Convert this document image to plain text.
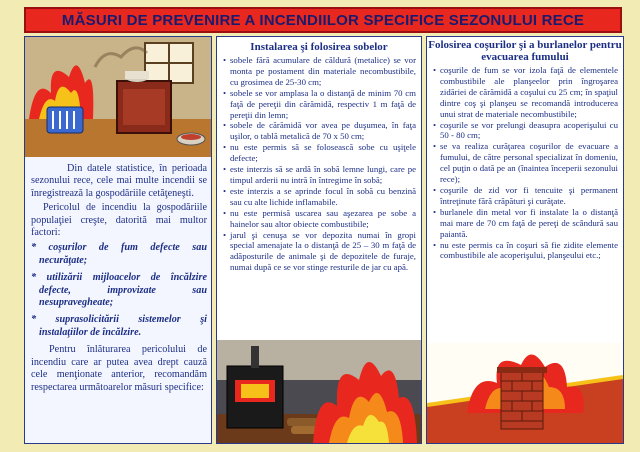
MĂSURI DE PREVENIRE A INCENDIILOR SPECIFICE SEZONULUI RECE

Din datele statistice, în perioada sezonului rece, cele mai multe incendii se înregistrează la gospodăriile cetăţeneşti.

Pericolul de incendiu la gospodăriile populaţiei creşte, datorită mai multor factori:

* coşurilor de fum defecte sau necurăţate;
* utilizării mijloacelor de încălzire defecte, improvizate sau nesupravegheate;
* suprasolicitării sistemelor şi instalaţiilor de încălzire.

Pentru înlăturarea pericolului de incendiu care ar putea avea drept cauză cele menţionate anterior, recomandăm respectarea următoarelor măsuri specifice:

Instalarea şi folosirea sobelor
• sobele fără acumulare de căldură (metalice) se vor monta pe postament din materiale necombustibile, cu grosimea de 25-30 cm;
• sobele se vor amplasa la o distanţă de minim 70 cm faţă de pereţii din cărămidă, respectiv 1 m faţă de pereţii din lemn;
• sobele de cărămidă vor avea pe duşumea, în faţa uşilor, o tablă metalică de 70 x 50 cm;
• nu este permis să se folosească sobe cu uşiţele defecte;
• este interzis să se ardă în sobă lemne lungi, care pe timpul arderii nu intră în întregime în sobă;
• este interzis a se aprinde focul în sobă cu benzină sau cu alte lichide inflamabile.
• nu este permisă uscarea sau aşezarea pe sobe a hainelor sau altor obiecte combustibile;
• jarul şi cenuşa se vor depozita numai în gropi special amenajate la o distanţă de 25 – 30 m faţă de adăposturile de animale şi de depozitele de furaje, numai după ce se vor stinge resturile de jar cu apă.
Folosirea coşurilor şi a burlanelor pentru evacuarea fumului
• coşurile de fum se vor izola faţă de elementele combustibile ale planşeelor prin îngroşarea zidăriei de cărămidă a coşului cu 25 cm; în spaţiul dintre coş şi planşeu se recomandă introducerea unui strat de materiale necombustibile;
• coşurile se vor prelungi deasupra acoperişului cu 50 - 80 cm;
• se va realiza curăţarea coşurilor de evacuare a fumului, de către personal specializat în domeniu, cel puţin o dată pe an (înaintea începerii sezonului rece);
• coşurile de zid vor fi tencuite şi permanent întreţinute fără crăpături şi curăţate.
• burlanele din metal vor fi instalate la o distanţă mai mare de 70 cm faţă de pereţi de scândură sau paiantă.
• nu este permis ca în coşuri să fie zidite elemente combustibile ale acoperişului, planşeului etc.;
